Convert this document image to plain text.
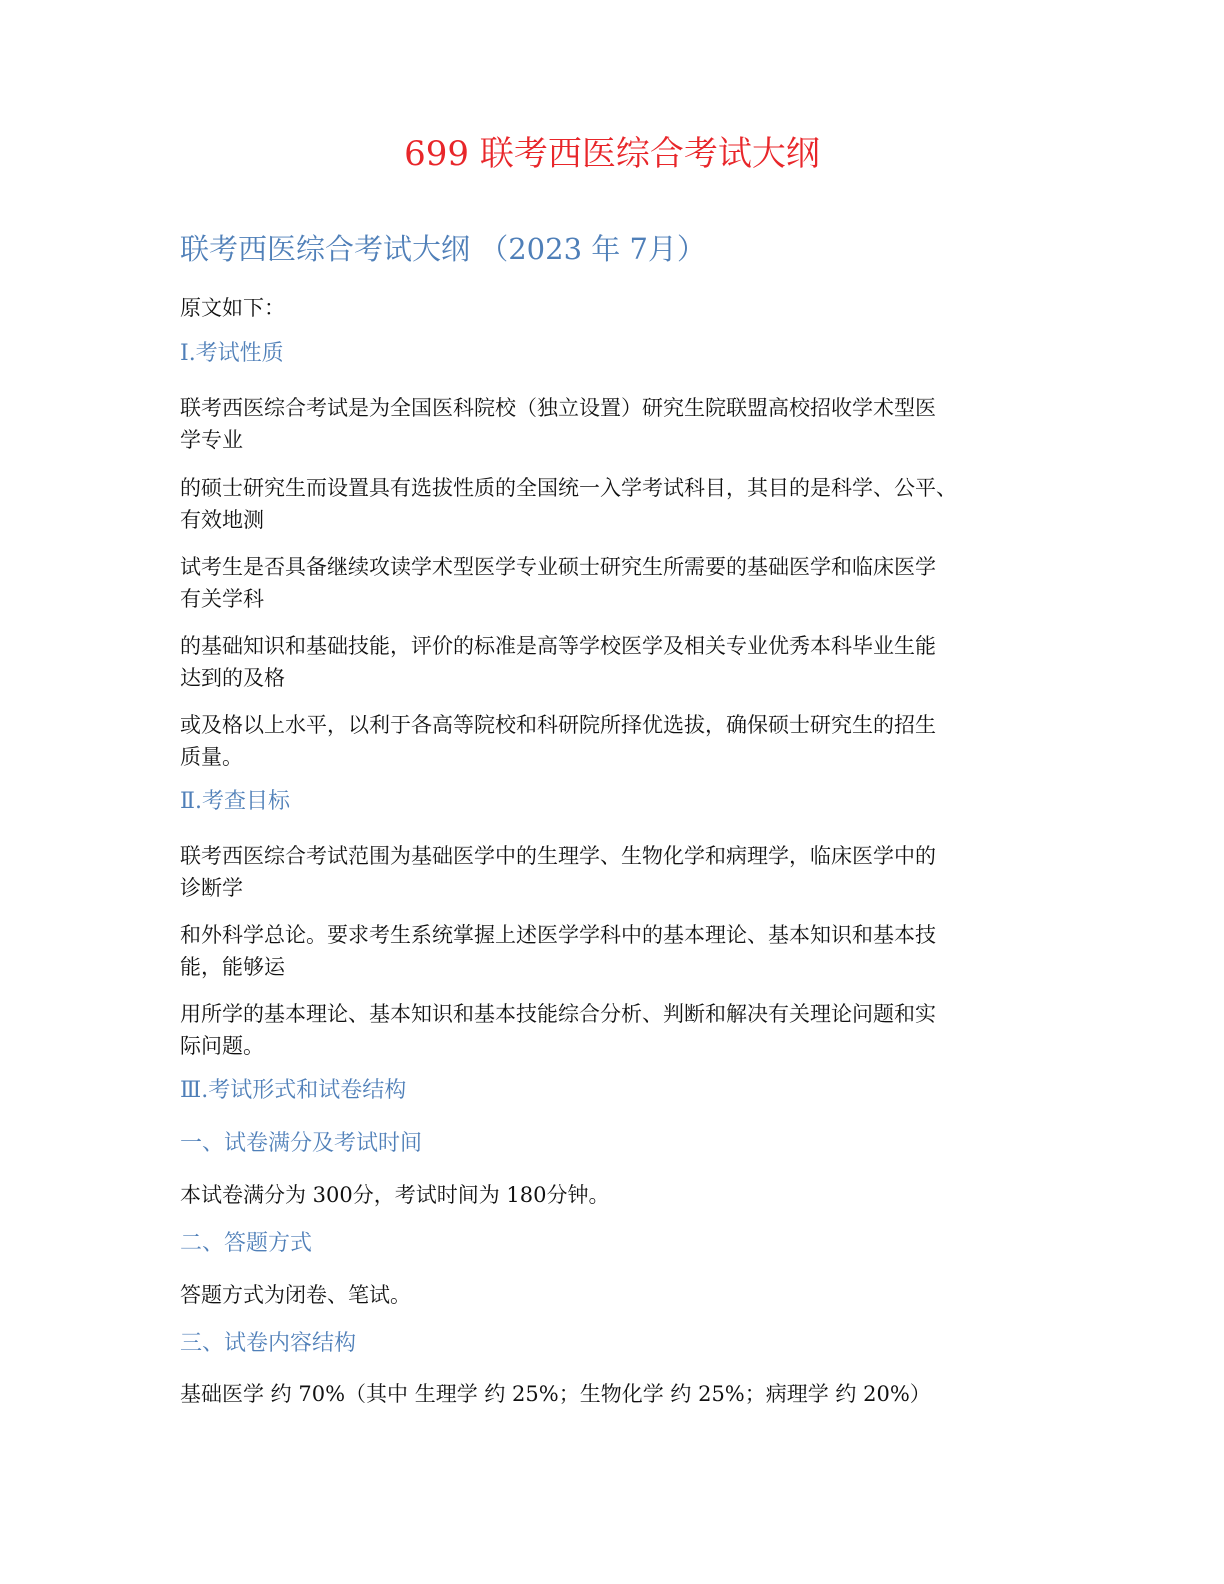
699 联考西医综合考试大纲
联考西医综合考试大纲 （2023 年 7月）

原文如下：

Ⅰ.考试性质

联考西医综合考试是为全国医科院校（独立设置）研究生院联盟高校招收学术型医
学专业

的硕士研究生而设置具有选拔性质的全国统一入学考试科目，其目的是科学、公平、
有效地测

试考生是否具备继续攻读学术型医学专业硕士研究生所需要的基础医学和临床医学
有关学科

的基础知识和基础技能，评价的标准是高等学校医学及相关专业优秀本科毕业生能
达到的及格

或及格以上水平，以利于各高等院校和科研院所择优选拔，确保硕士研究生的招生
质量。

Ⅱ.考查目标

联考西医综合考试范围为基础医学中的生理学、生物化学和病理学，临床医学中的
诊断学

和外科学总论。要求考生系统掌握上述医学学科中的基本理论、基本知识和基本技
能，能够运

用所学的基本理论、基本知识和基本技能综合分析、判断和解决有关理论问题和实
际问题。

Ⅲ.考试形式和试卷结构
一、试卷满分及考试时间

本试卷满分为 300分，考试时间为 180分钟。

二、答题方式

答题方式为闭卷、笔试。

三、试卷内容结构

基础医学 约 70%（其中 生理学 约 25%；生物化学 约 25%；病理学 约 20%）
